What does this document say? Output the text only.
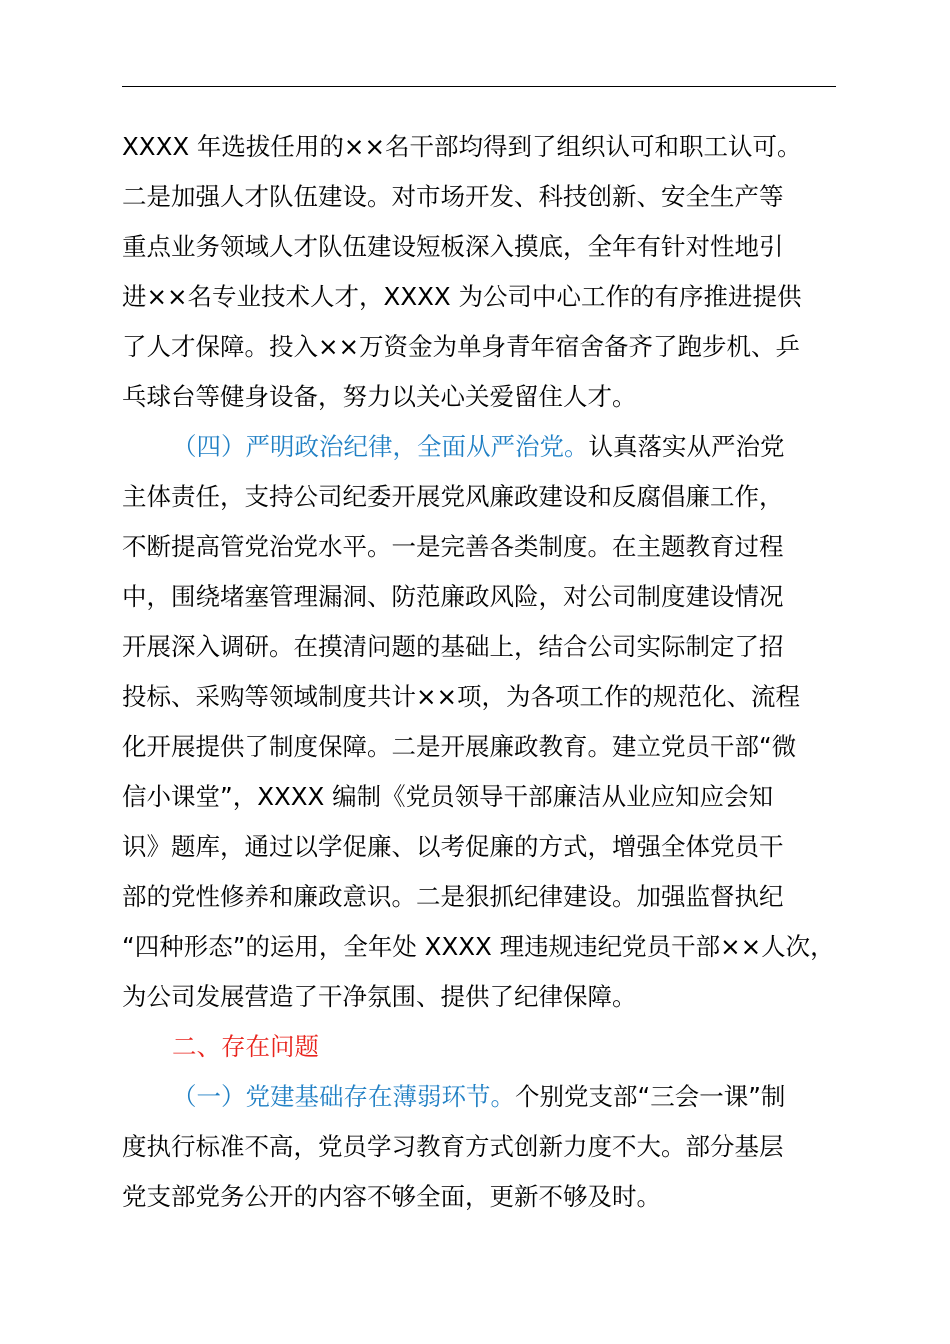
XXXX 年选拔任用的××名干部均得到了组织认可和职工认可。
二是加强人才队伍建设。对市场开发、科技创新、安全生产等
重点业务领域人才队伍建设短板深入摸底，全年有针对性地引
进××名专业技术人才，XXXX 为公司中心工作的有序推进提供
了人才保障。投入××万资金为单身青年宿舍备齐了跑步机、乒
乓球台等健身设备，努力以关心关爱留住人才。
（四）严明政治纪律，全面从严治党。认真落实从严治党
主体责任，支持公司纪委开展党风廉政建设和反腐倡廉工作，
不断提高管党治党水平。一是完善各类制度。在主题教育过程
中，围绕堵塞管理漏洞、防范廉政风险，对公司制度建设情况
开展深入调研。在摸清问题的基础上，结合公司实际制定了招
投标、采购等领域制度共计××项，为各项工作的规范化、流程
化开展提供了制度保障。二是开展廉政教育。建立党员干部“微
信小课堂”，XXXX 编制《党员领导干部廉洁从业应知应会知
识》题库，通过以学促廉、以考促廉的方式，增强全体党员干
部的党性修养和廉政意识。二是狠抓纪律建设。加强监督执纪
“四种形态”的运用，全年处 XXXX 理违规违纪党员干部××人次，
为公司发展营造了干净氛围、提供了纪律保障。
二、存在问题
（一）党建基础存在薄弱环节。个别党支部“三会一课”制
度执行标准不高，党员学习教育方式创新力度不大。部分基层
党支部党务公开的内容不够全面，更新不够及时。
